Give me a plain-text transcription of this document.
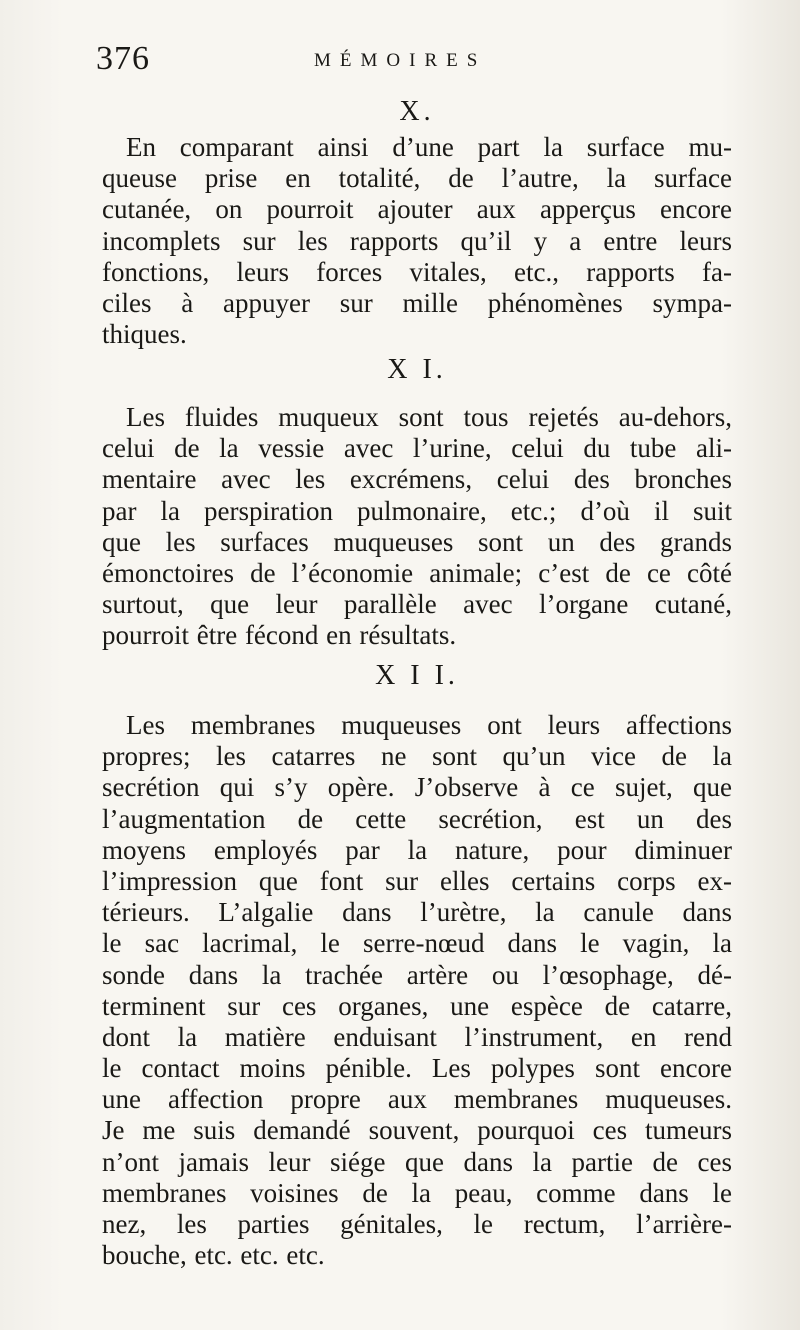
376	MÉMOIRES
X.
En comparant ainsi d’une part la surface mu-
queuse prise en totalité, de l’autre, la surface
cutanée, on pourroit ajouter aux apperçus encore
incomplets sur les rapports qu’il y a entre leurs
fonctions, leurs forces vitales, etc., rapports fa-
ciles à appuyer sur mille phénomènes sympa-
thiques.
X I.
Les fluides muqueux sont tous rejetés au-dehors,
celui de la vessie avec l’urine, celui du tube ali-
mentaire avec les excrémens, celui des bronches
par la perspiration pulmonaire, etc.; d’où il suit
que les surfaces muqueuses sont un des grands
émonctoires de l’économie animale; c’est de ce côté
surtout, que leur parallèle avec l’organe cutané,
pourroit être fécond en résultats.
X I I.
Les membranes muqueuses ont leurs affections
propres; les catarres ne sont qu’un vice de la
secrétion qui s’y opère. J’observe à ce sujet, que
l’augmentation de cette secrétion, est un des
moyens employés par la nature, pour diminuer
l’impression que font sur elles certains corps ex-
térieurs. L’algalie dans l’urètre, la canule dans
le sac lacrimal, le serre-nœud dans le vagin, la
sonde dans la trachée artère ou l’œsophage, dé-
terminent sur ces organes, une espèce de catarre,
dont la matière enduisant l’instrument, en rend
le contact moins pénible. Les polypes sont encore
une affection propre aux membranes muqueuses.
Je me suis demandé souvent, pourquoi ces tumeurs
n’ont jamais leur siége que dans la partie de ces
membranes voisines de la peau, comme dans le
nez, les parties génitales, le rectum, l’arrière-
bouche, etc. etc. etc.
